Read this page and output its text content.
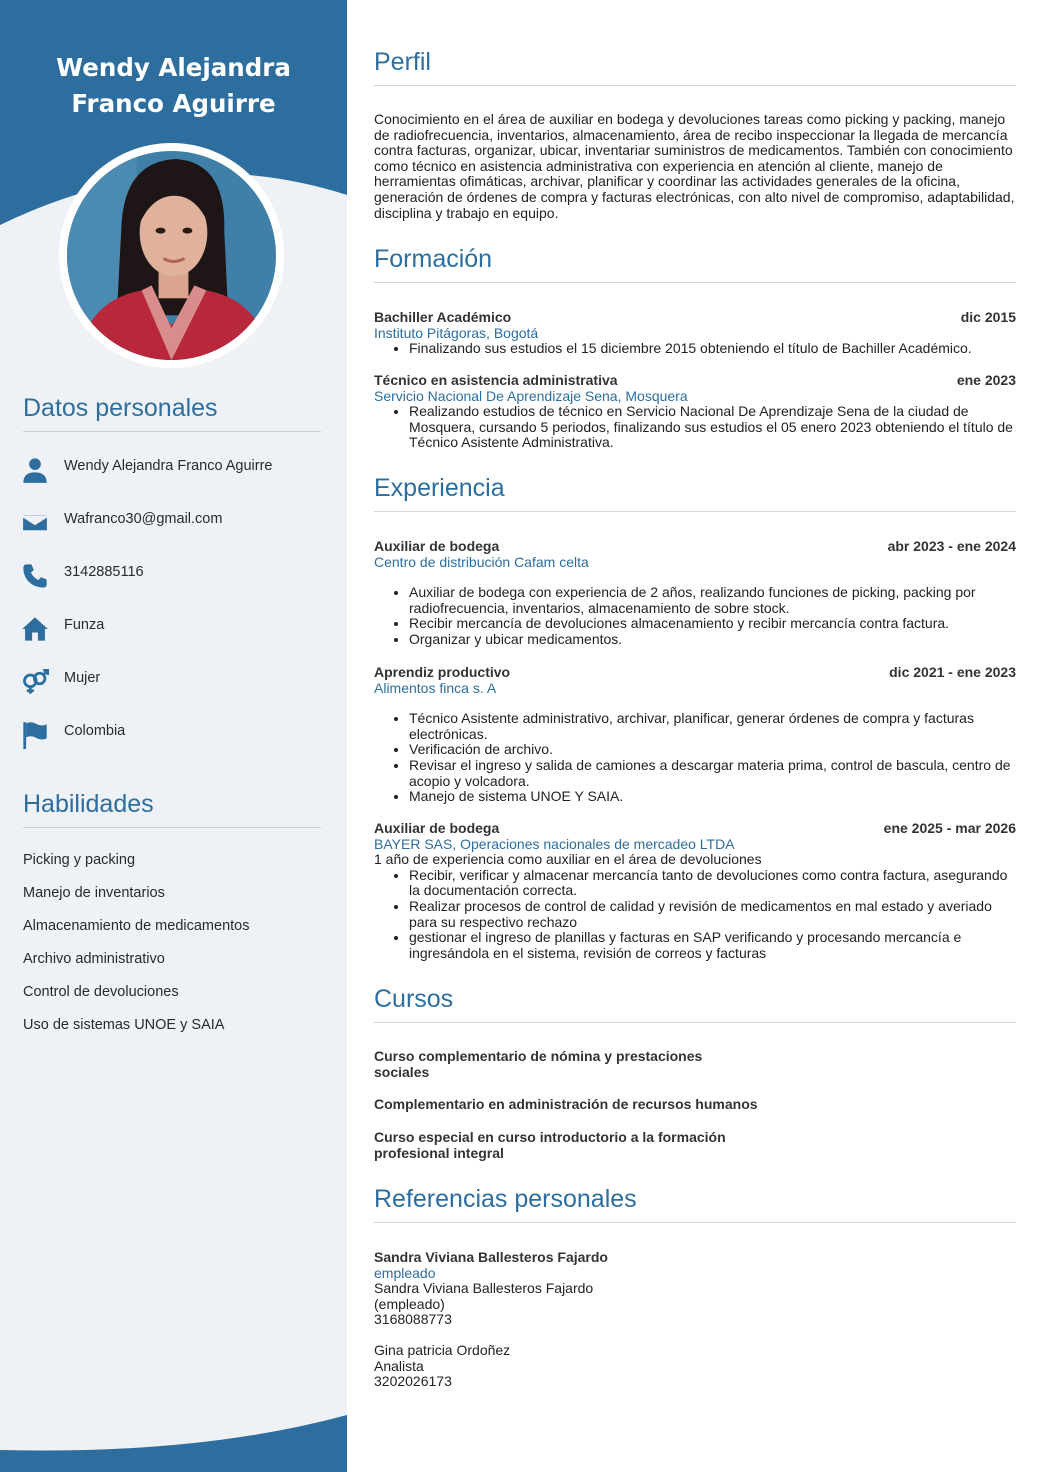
Wendy Alejandra
Franco Aguirre
Datos personales
Wendy Alejandra Franco Aguirre
Wafranco30@gmail.com
3142885116
Funza
Mujer
Colombia
Habilidades
Picking y packing
Manejo de inventarios
Almacenamiento de medicamentos
Archivo administrativo
Control de devoluciones
Uso de sistemas UNOE y SAIA
Perfil
Conocimiento en el área de auxiliar en bodega y devoluciones tareas como picking y packing, manejo de radiofrecuencia, inventarios, almacenamiento, área de recibo inspeccionar la llegada de mercancía contra facturas, organizar, ubicar, inventariar suministros de medicamentos. También con conocimiento como técnico en asistencia administrativa con experiencia en atención al cliente, manejo de herramientas ofimáticas, archivar, planificar y coordinar las actividades generales de la oficina, generación de órdenes de compra y facturas electrónicas, con alto nivel de compromiso, adaptabilidad, disciplina y trabajo en equipo.
Formación
Bachiller Académico	dic 2015
Instituto Pitágoras, Bogotá
• Finalizando sus estudios el 15 diciembre 2015 obteniendo el título de Bachiller Académico.
Técnico en asistencia administrativa	ene 2023
Servicio Nacional De Aprendizaje Sena, Mosquera
• Realizando estudios de técnico en Servicio Nacional De Aprendizaje Sena de la ciudad de Mosquera, cursando 5 periodos, finalizando sus estudios el 05 enero 2023 obteniendo el título de Técnico Asistente Administrativa.
Experiencia
Auxiliar de bodega	abr 2023 - ene 2024
Centro de distribución Cafam celta
• Auxiliar de bodega con experiencia de 2 años, realizando funciones de picking, packing por radiofrecuencia, inventarios, almacenamiento de sobre stock.
• Recibir mercancía de devoluciones almacenamiento y recibir mercancía contra factura.
• Organizar y ubicar medicamentos.
Aprendiz productivo	dic 2021 - ene 2023
Alimentos finca s. A
• Técnico Asistente administrativo, archivar, planificar, generar órdenes de compra y facturas electrónicas.
• Verificación de archivo.
• Revisar el ingreso y salida de camiones a descargar materia prima, control de bascula, centro de acopio y volcadora.
• Manejo de sistema UNOE Y SAIA.
Auxiliar de bodega	ene 2025 - mar 2026
BAYER SAS, Operaciones nacionales de mercadeo LTDA
1 año de experiencia como auxiliar en el área de devoluciones
• Recibir, verificar y almacenar mercancía tanto de devoluciones como contra factura, asegurando la documentación correcta.
• Realizar procesos de control de calidad y revisión de medicamentos en mal estado y averiado para su respectivo rechazo
• gestionar el ingreso de planillas y facturas en SAP verificando y procesando mercancía e ingresándola en el sistema, revisión de correos y facturas
Cursos
Curso complementario de nómina y prestaciones sociales
Complementario en administración de recursos humanos
Curso especial en curso introductorio a la formación profesional integral
Referencias personales
Sandra Viviana Ballesteros Fajardo
empleado
Sandra Viviana Ballesteros Fajardo
(empleado)
3168088773
Gina patricia Ordoñez
Analista
3202026173
